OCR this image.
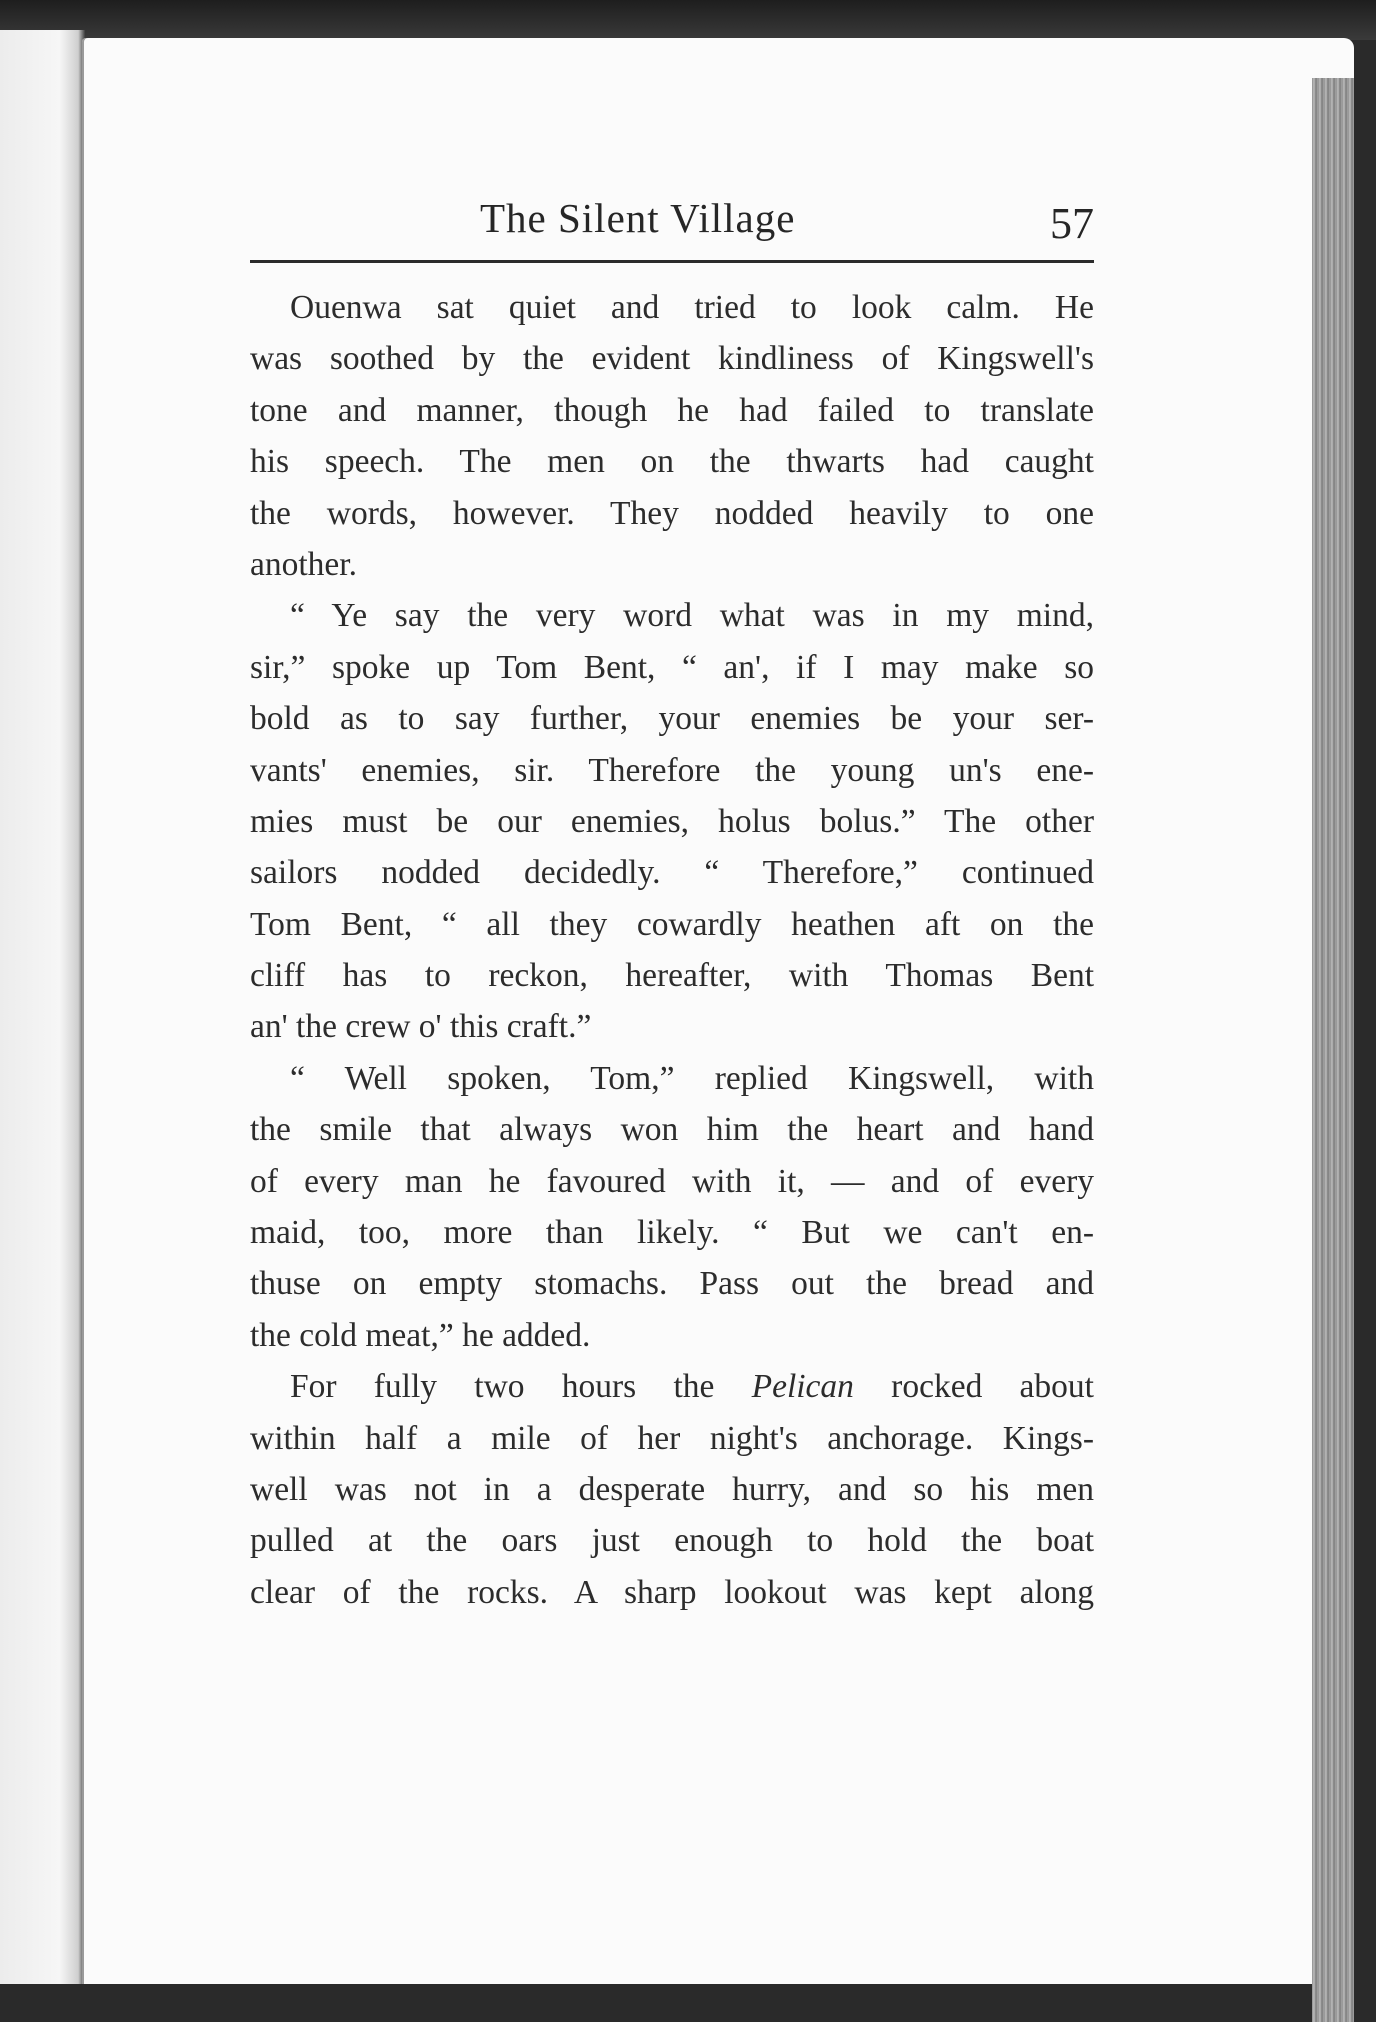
The Silent Village	57
Ouenwa sat quiet and tried to look calm. He
was soothed by the evident kindliness of Kingswell's
tone and manner, though he had failed to translate
his speech. The men on the thwarts had caught
the words, however. They nodded heavily to one
another.
“ Ye say the very word what was in my mind,
sir,” spoke up Tom Bent, “ an', if I may make so
bold as to say further, your enemies be your ser-
vants' enemies, sir. Therefore the young un's ene-
mies must be our enemies, holus bolus.” The other
sailors nodded decidedly. “ Therefore,” continued
Tom Bent, “ all they cowardly heathen aft on the
cliff has to reckon, hereafter, with Thomas Bent
an' the crew o' this craft.”
“ Well spoken, Tom,” replied Kingswell, with
the smile that always won him the heart and hand
of every man he favoured with it, — and of every
maid, too, more than likely. “ But we can't en-
thuse on empty stomachs. Pass out the bread and
the cold meat,” he added.
For fully two hours the Pelican rocked about
within half a mile of her night's anchorage. Kings-
well was not in a desperate hurry, and so his men
pulled at the oars just enough to hold the boat
clear of the rocks. A sharp lookout was kept along
